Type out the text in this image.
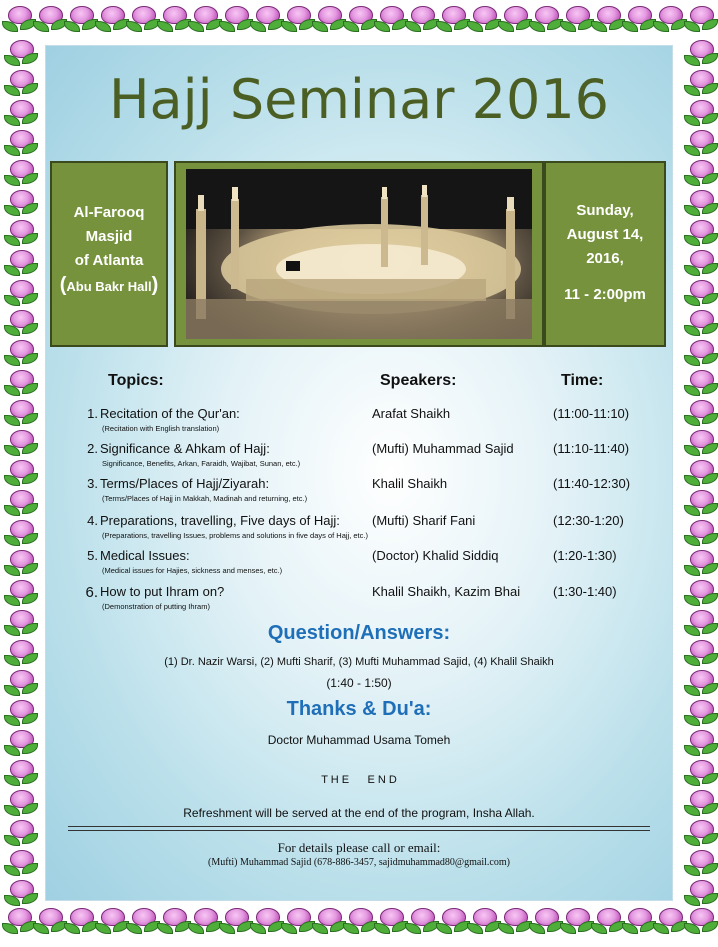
Hajj Seminar 2016
Al-Farooq
Masjid
of Atlanta
(Abu Bakr Hall)
Sunday,
August 14,
2016,
11 - 2:00pm
Topics:	Speakers:	Time:
1. Recitation of the Qur'an:
(Recitation with English translation)
Arafat Shaikh	(11:00-11:10)
2. Significance & Ahkam of Hajj:
Significance, Benefits, Arkan, Faraidh, Wajibat, Sunan, etc.)
(Mufti) Muhammad Sajid	(11:10-11:40)
3. Terms/Places of Hajj/Ziyarah:
(Terms/Places of Hajj in Makkah, Madinah and returning, etc.)
Khalil Shaikh	(11:40-12:30)
4. Preparations, travelling, Five days of Hajj:
(Preparations, travelling Issues, problems and solutions in five days of Hajj, etc.)
(Mufti) Sharif Fani	(12:30-1:20)
5. Medical Issues:
(Medical issues for Hajies, sickness and menses, etc.)
(Doctor) Khalid Siddiq	(1:20-1:30)
6. How to put Ihram on?
(Demonstration of putting Ihram)
Khalil Shaikh, Kazim Bhai	(1:30-1:40)
Question/Answers:
(1) Dr. Nazir Warsi, (2) Mufti Sharif, (3) Mufti Muhammad Sajid, (4) Khalil Shaikh
(1:40 - 1:50)
Thanks & Du'a:
Doctor Muhammad Usama Tomeh
T H E      E N D
Refreshment will be served at the end of the program, Insha Allah.
For details please call or email:
(Mufti) Muhammad Sajid (678-886-3457, sajidmuhammad80@gmail.com)
